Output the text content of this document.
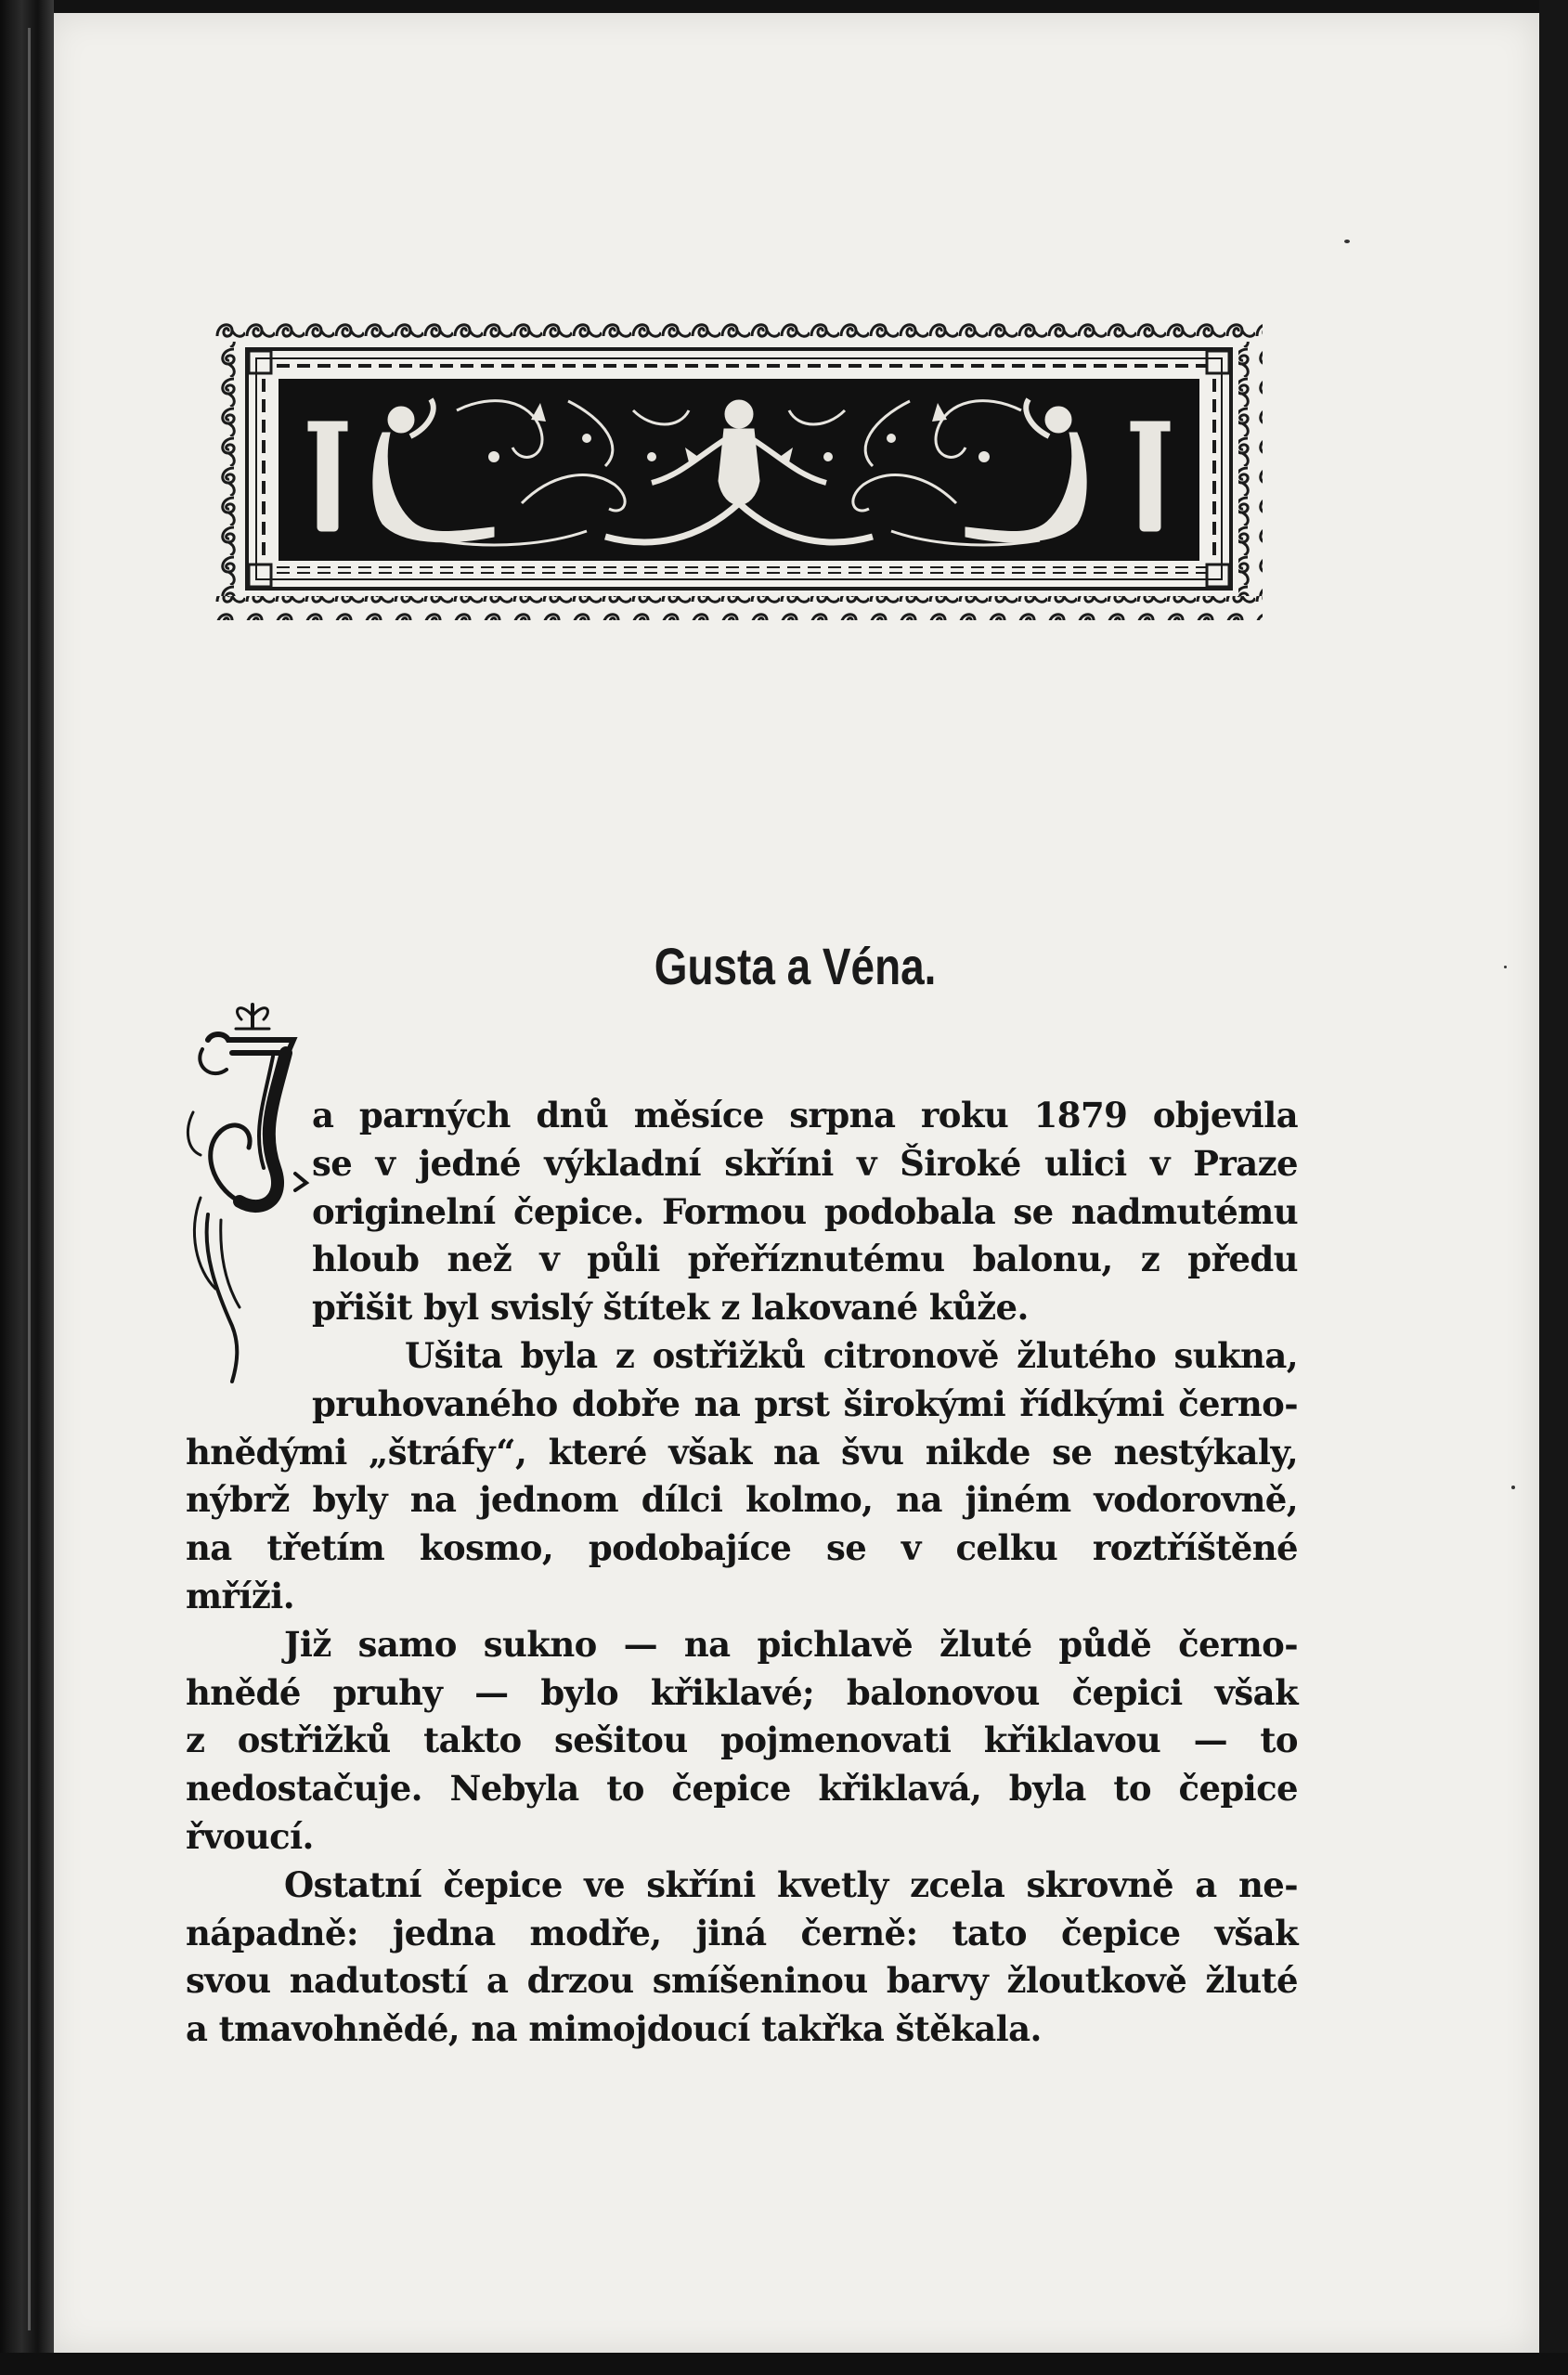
Gusta a Véna.
a parných dnů měsíce srpna roku 1879 objevila
se v jedné výkladní skříni v Široké ulici v Praze
originelní čepice. Formou podobala se nadmutému
hloub než v půli přeříznutému balonu, z předu
přišit byl svislý štítek z lakované kůže.
Ušita byla z ostřižků citronově žlutého sukna,
pruhovaného dobře na prst širokými řídkými černo-
hnědými „štráfy“, které však na švu nikde se nestýkaly,
nýbrž byly na jednom dílci kolmo, na jiném vodorovně,
na třetím kosmo, podobajíce se v celku roztříštěné
mříži.
Již samo sukno — na pichlavě žluté půdě černo-
hnědé pruhy — bylo křiklavé; balonovou čepici však
z ostřižků takto sešitou pojmenovati křiklavou — to
nedostačuje. Nebyla to čepice křiklavá, byla to čepice
řvoucí.
Ostatní čepice ve skříni kvetly zcela skrovně a ne-
nápadně: jedna modře, jiná černě: tato čepice však
svou nadutostí a drzou smíšeninou barvy žloutkově žluté
a tmavohnědé, na mimojdoucí takřka štěkala.
